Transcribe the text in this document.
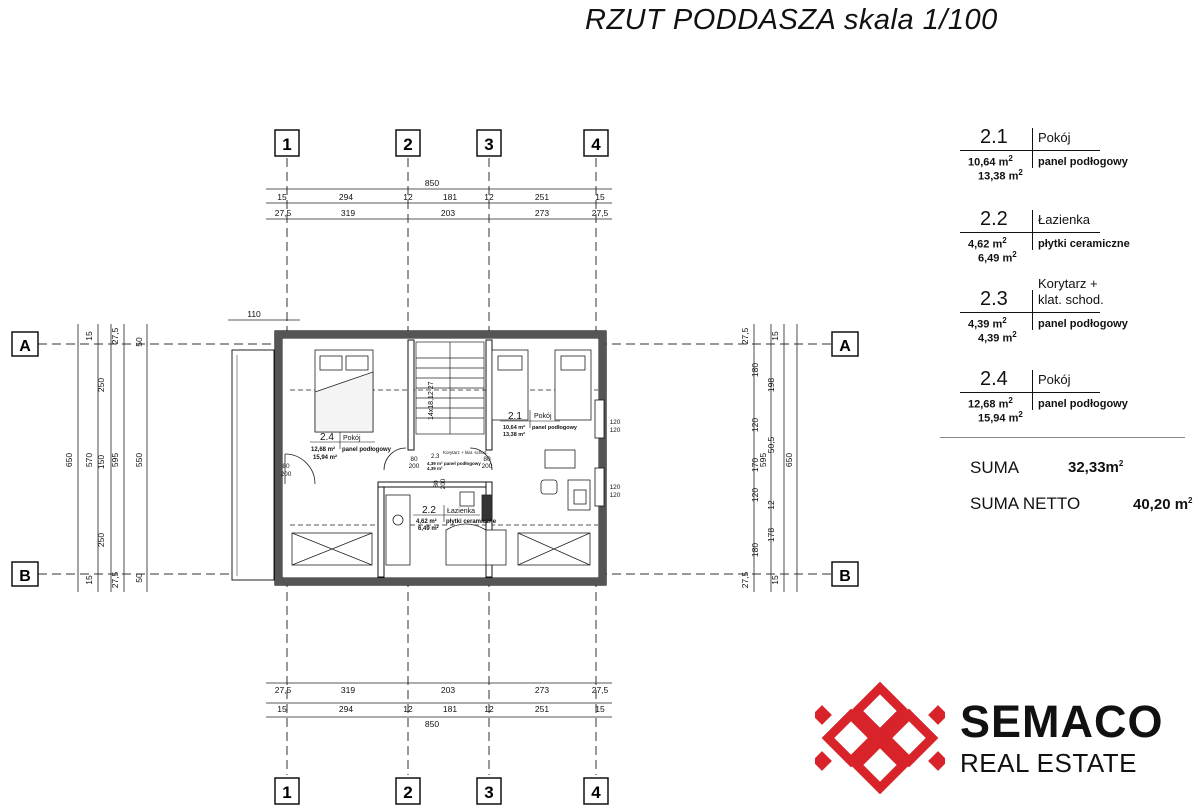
1	2	3	4
1	2	3	4
A
B
A
B
850
15	294	12	181	12	251	15
27,5	319	203	273	27,5
110
27,5	319	203	273	27,5
15	294	12	181	12	251	15
850
650
250
570 150
250
595 550
27,5
15
50
27,5
15	50
650
595
27,5 15
180
198
120
50,5
170
120
12
178
180
27,5 15
14x18,12 27
120
120
120
120
80
200
80
200
80
200
80 200
2.4 Pokój
12,68 m²
15,94 m²
panel podłogowy
2.1 Pokój
10,64 m²
13,38 m²
panel podłogowy
2.3
Korytarz + klat. schod.
4,39 m²
4,39 m²
panel podłogowy
2.2 Łazienka
4,62 m²
6,49 m²
płytki ceramiczne
RZUT PODDASZA skala 1/100
2.1 Pokój
10,64 $m^2$
13,38 $m^2$
panel podłogowy
2.2 Łazienka
4,62 $m^2$
6,49 $m^2$
płytki ceramiczne
2.3
Korytarz +
klat. schod.
4,39 $m^2$
4,39 $m^2$
panel podłogowy
2.4 Pokój
12,68 $m^2$
15,94 $m^2$
panel podłogowy
SUMA	$32,33m^2$
SUMA NETTO	40,20 $m^2$
SEMACO
REAL ESTATE
